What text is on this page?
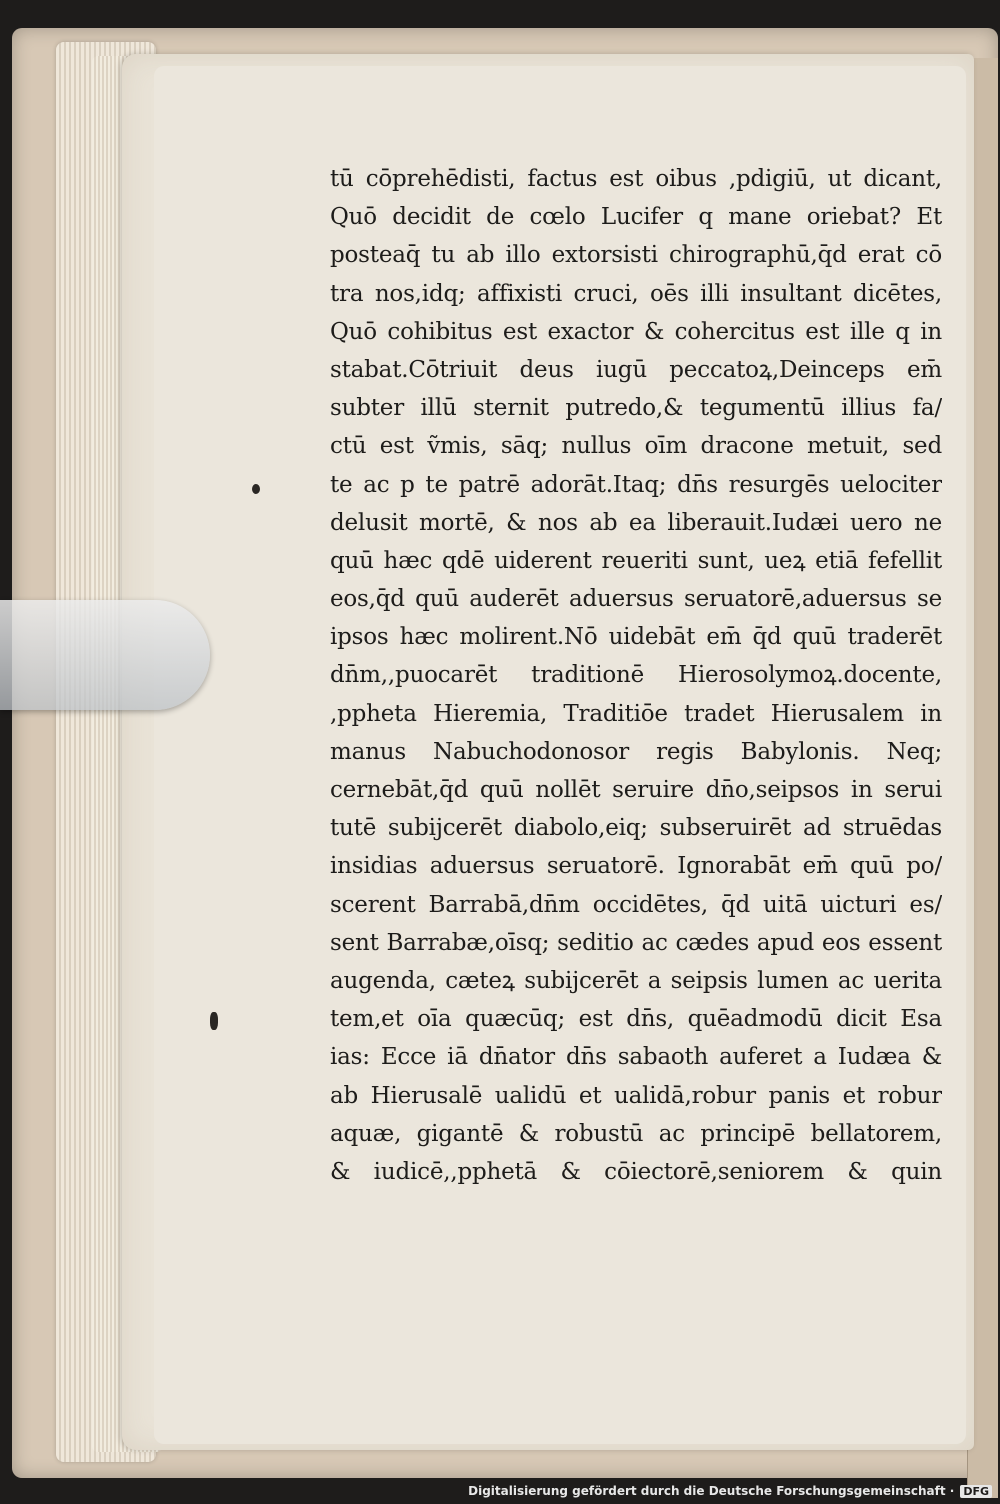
tū cōprehēdisti, factus est oibus ,pdigiū, ut dicant,
Quō decidit de cœlo Lucifer q mane oriebat? Et
posteaq̄ tu ab illo extorsisti chirographū,q̄d erat cō
tra nos,idq; affixisti cruci, oēs illi insultant dicētes,
Quō cohibitus est exactor & cohercitus est ille q in
stabat.Cōtriuit deus iugū peccatoꝝ,Deinceps em̄
subter illū sternit putredo,& tegumentū illius fa/
ctū est ṽmis, sāq; nullus oīm dracone metuit, sed
te ac p te patrē adorāt.Itaq; dn̄s resurgēs uelociter
delusit mortē, & nos ab ea liberauit.Iudæi uero ne
quū hæc qdē uiderent reueriti sunt, ueꝝ etiā fefellit
eos,q̄d quū auderēt aduersus seruatorē,aduersus se
ipsos hæc molirent.Nō uidebāt em̄ q̄d quū traderēt
dn̄m,,puocarēt traditionē Hierosolymoꝝ.docente,
,ppheta Hieremia, Traditiōe tradet Hierusalem in
manus Nabuchodonosor regis Babylonis. Neq;
cernebāt,q̄d quū nollēt seruire dn̄o,seipsos in serui
tutē subijcerēt diabolo,eiq; subseruirēt ad struēdas
insidias aduersus seruatorē. Ignorabāt em̄ quū po/
scerent Barrabā,dn̄m occidētes, q̄d uitā uicturi es/
sent Barrabæ,oīsq; seditio ac cædes apud eos essent
augenda, cæteꝝ subijcerēt a seipsis lumen ac uerita
tem,et oīa quæcūq; est dn̄s, quēadmodū dicit Esa
ias: Ecce iā dn̄ator dn̄s sabaoth auferet a Iudæa &
ab Hierusalē ualidū et ualidā,robur panis et robur
aquæ, gigantē & robustū ac principē bellatorem,
& iudicē,,pphetā & cōiectorē,seniorem & quin
Digitalisierung gefördert durch die Deutsche Forschungsgemeinschaft · DFG
